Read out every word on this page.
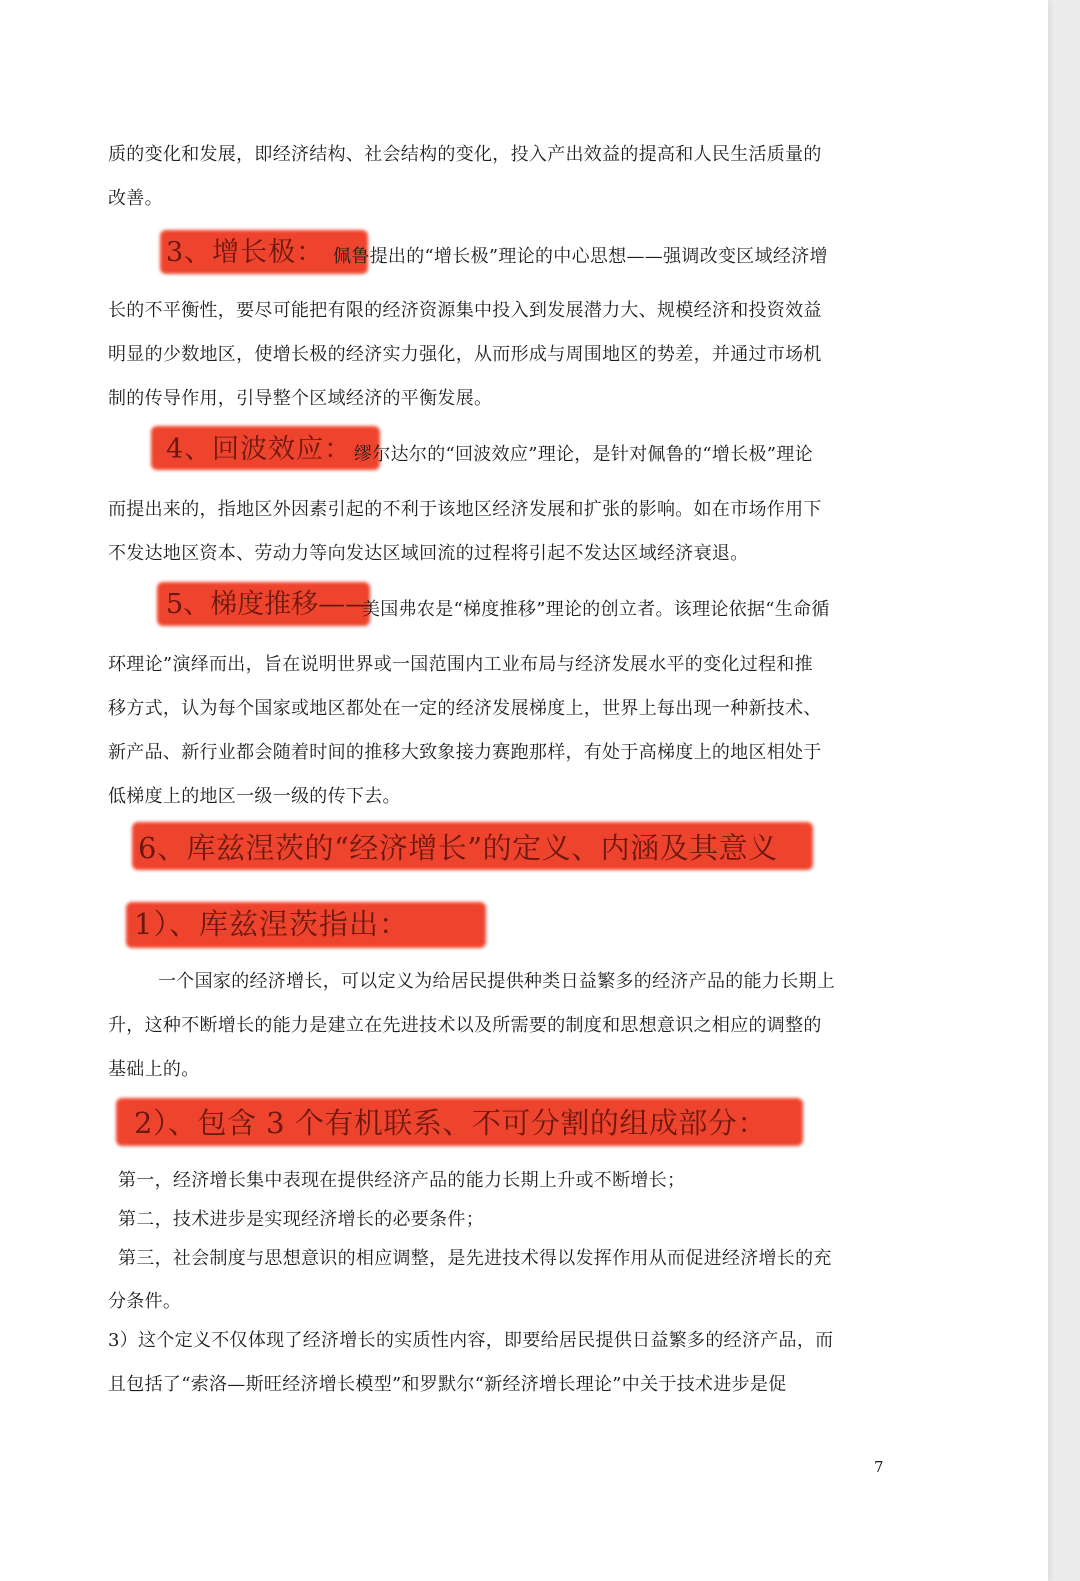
质的变化和发展，即经济结构、社会结构的变化，投入产出效益的提高和人民生活质量的
改善。
3、增长极： 佩鲁提出的“增长极”理论的中心思想——强调改变区域经济增
长的不平衡性，要尽可能把有限的经济资源集中投入到发展潜力大、规模经济和投资效益
明显的少数地区，使增长极的经济实力强化，从而形成与周围地区的势差，并通过市场机
制的传导作用，引导整个区域经济的平衡发展。
4、回波效应： 缪尔达尔的“回波效应”理论，是针对佩鲁的“增长极”理论
而提出来的，指地区外因素引起的不利于该地区经济发展和扩张的影响。如在市场作用下
不发达地区资本、劳动力等向发达区域回流的过程将引起不发达区域经济衰退。
5、梯度推移——
美国弗农是“梯度推移”理论的创立者。该理论依据“生命循
环理论”演绎而出，旨在说明世界或一国范围内工业布局与经济发展水平的变化过程和推
移方式，认为每个国家或地区都处在一定的经济发展梯度上，世界上每出现一种新技术、
新产品、新行业都会随着时间的推移大致象接力赛跑那样，有处于高梯度上的地区相处于
低梯度上的地区一级一级的传下去。
6、库兹涅茨的“经济增长”的定义、内涵及其意义
1）、库兹涅茨指出：
一个国家的经济增长，可以定义为给居民提供种类日益繁多的经济产品的能力长期上
升，这种不断增长的能力是建立在先进技术以及所需要的制度和思想意识之相应的调整的
基础上的。
2）、包含 3 个有机联系、不可分割的组成部分：
第一，经济增长集中表现在提供经济产品的能力长期上升或不断增长；
第二，技术进步是实现经济增长的必要条件；
第三，社会制度与思想意识的相应调整，是先进技术得以发挥作用从而促进经济增长的充
分条件。
3）这个定义不仅体现了经济增长的实质性内容，即要给居民提供日益繁多的经济产品，而
且包括了“索洛—斯旺经济增长模型”和罗默尔“新经济增长理论”中关于技术进步是促
7
